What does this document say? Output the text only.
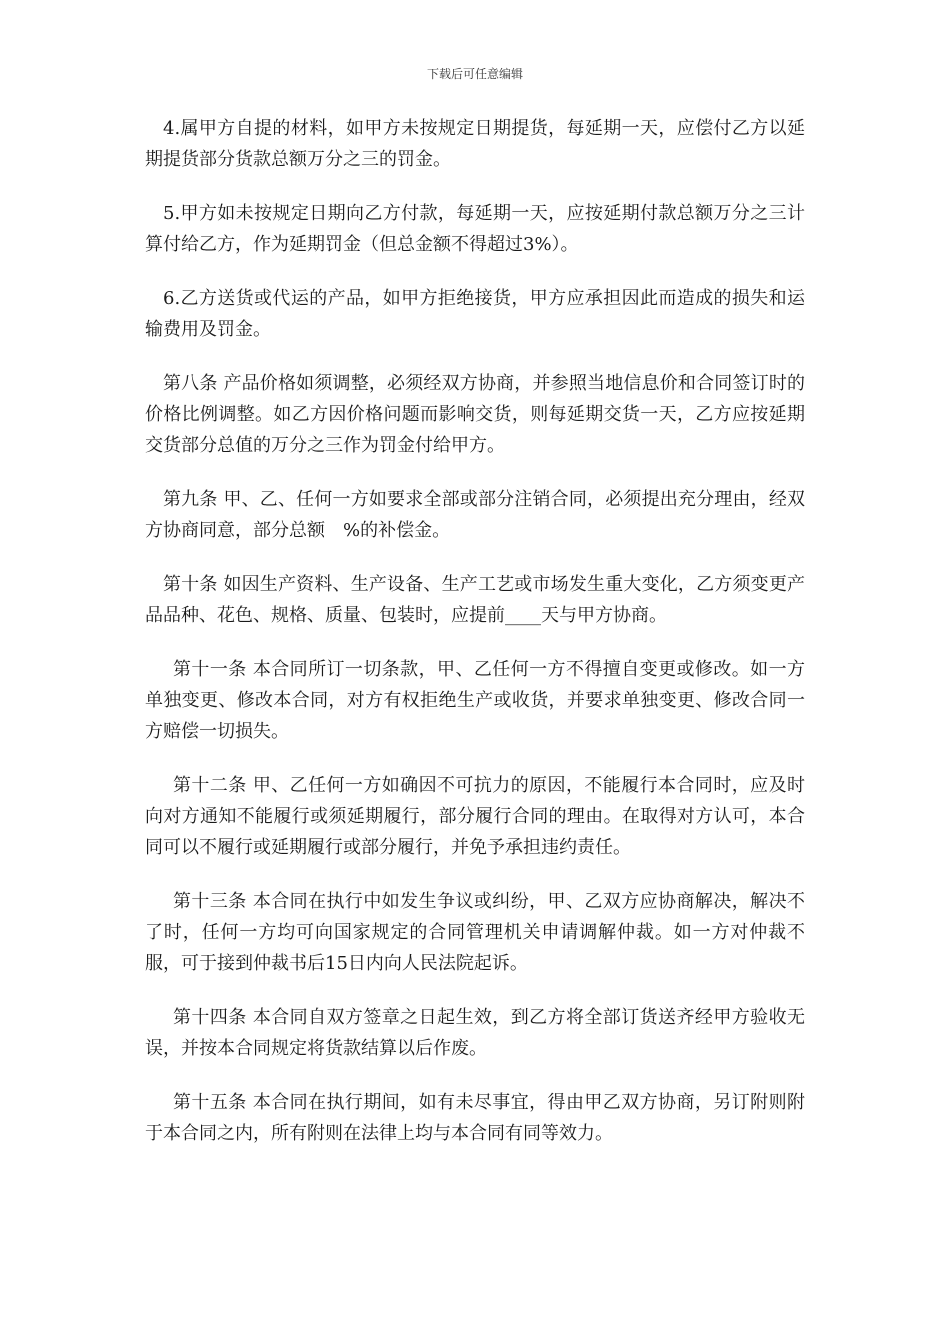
下载后可任意编辑

4.属甲方自提的材料，如甲方未按规定日期提货，每延期一天，应偿付乙方以延期提货部分货款总额万分之三的罚金。

5.甲方如未按规定日期向乙方付款，每延期一天，应按延期付款总额万分之三计算付给乙方，作为延期罚金（但总金额不得超过3%）。

6.乙方送货或代运的产品，如甲方拒绝接货，甲方应承担因此而造成的损失和运输费用及罚金。

第八条 产品价格如须调整，必须经双方协商，并参照当地信息价和合同签订时的价格比例调整。如乙方因价格问题而影响交货，则每延期交货一天，乙方应按延期交货部分总值的万分之三作为罚金付给甲方。

第九条 甲、乙、任何一方如要求全部或部分注销合同，必须提出充分理由，经双方协商同意，部分总额　%的补偿金。

第十条 如因生产资料、生产设备、生产工艺或市场发生重大变化，乙方须变更产品品种、花色、规格、质量、包装时，应提前____天与甲方协商。

第十一条 本合同所订一切条款，甲、乙任何一方不得擅自变更或修改。如一方单独变更、修改本合同，对方有权拒绝生产或收货，并要求单独变更、修改合同一方赔偿一切损失。

第十二条 甲、乙任何一方如确因不可抗力的原因，不能履行本合同时，应及时向对方通知不能履行或须延期履行，部分履行合同的理由。在取得对方认可，本合同可以不履行或延期履行或部分履行，并免予承担违约责任。

第十三条 本合同在执行中如发生争议或纠纷，甲、乙双方应协商解决，解决不了时，任何一方均可向国家规定的合同管理机关申请调解仲裁。如一方对仲裁不服，可于接到仲裁书后15日内向人民法院起诉。

第十四条 本合同自双方签章之日起生效，到乙方将全部订货送齐经甲方验收无误，并按本合同规定将货款结算以后作废。

第十五条 本合同在执行期间，如有未尽事宜，得由甲乙双方协商，另订附则附于本合同之内，所有附则在法律上均与本合同有同等效力。
